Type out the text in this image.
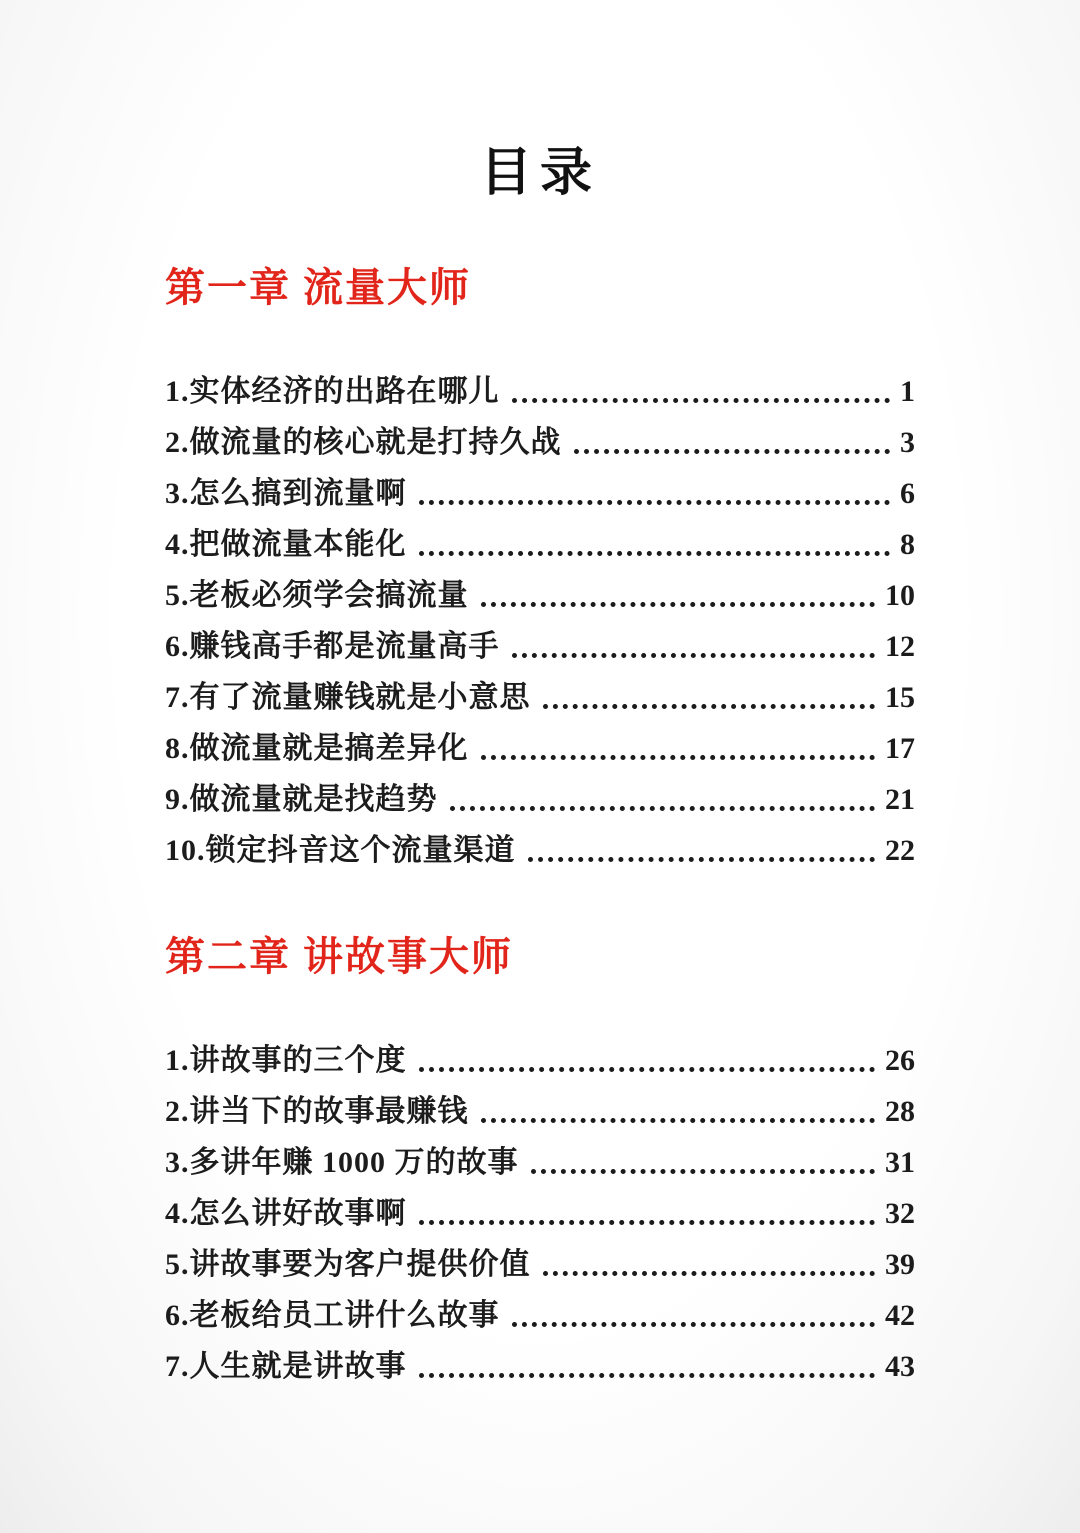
目录
第一章 流量大师
1.实体经济的出路在哪儿	1
2.做流量的核心就是打持久战	3
3.怎么搞到流量啊	6
4.把做流量本能化	8
5.老板必须学会搞流量	10
6.赚钱高手都是流量高手	12
7.有了流量赚钱就是小意思	15
8.做流量就是搞差异化	17
9.做流量就是找趋势	21
10.锁定抖音这个流量渠道	22
第二章 讲故事大师
1.讲故事的三个度	26
2.讲当下的故事最赚钱	28
3.多讲年赚 1000 万的故事	31
4.怎么讲好故事啊	32
5.讲故事要为客户提供价值	39
6.老板给员工讲什么故事	42
7.人生就是讲故事	43
